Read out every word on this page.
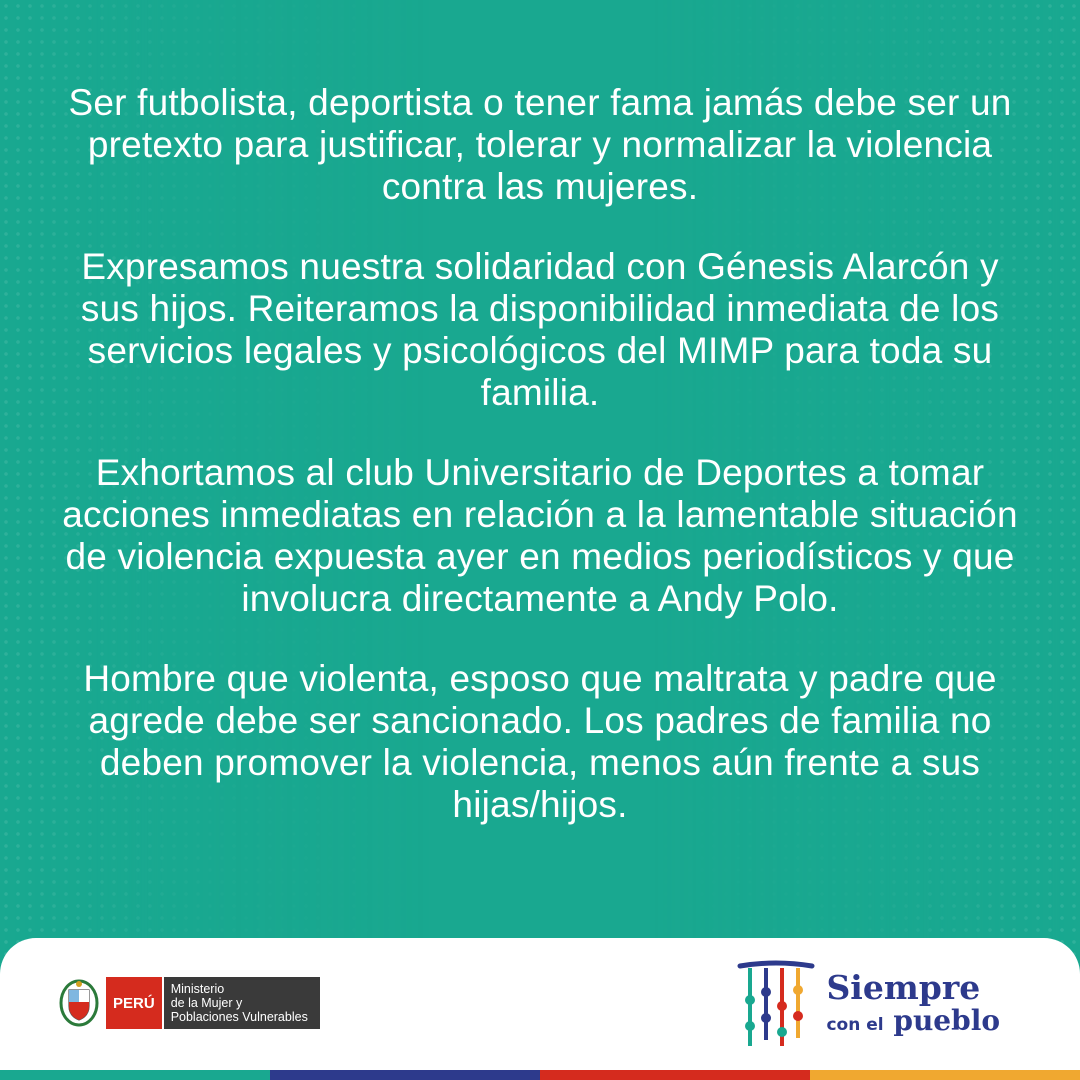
Ser futbolista, deportista o tener fama jamás debe ser un pretexto para justificar, tolerar y normalizar la violencia contra las mujeres.

Expresamos nuestra solidaridad con Génesis Alarcón y sus hijos. Reiteramos la disponibilidad inmediata de los servicios legales y psicológicos del MIMP para toda su familia.

Exhortamos al club Universitario de Deportes a tomar acciones inmediatas en relación a la lamentable situación de violencia expuesta ayer en medios periodísticos y que involucra directamente a Andy Polo.

Hombre que violenta, esposo que maltrata y padre que agrede debe ser sancionado. Los padres de familia no deben promover la violencia, menos aún frente a sus hijas/hijos.

PERÚ
Ministerio
de la Mujer y
Poblaciones Vulnerables
Siempre
con el pueblo
